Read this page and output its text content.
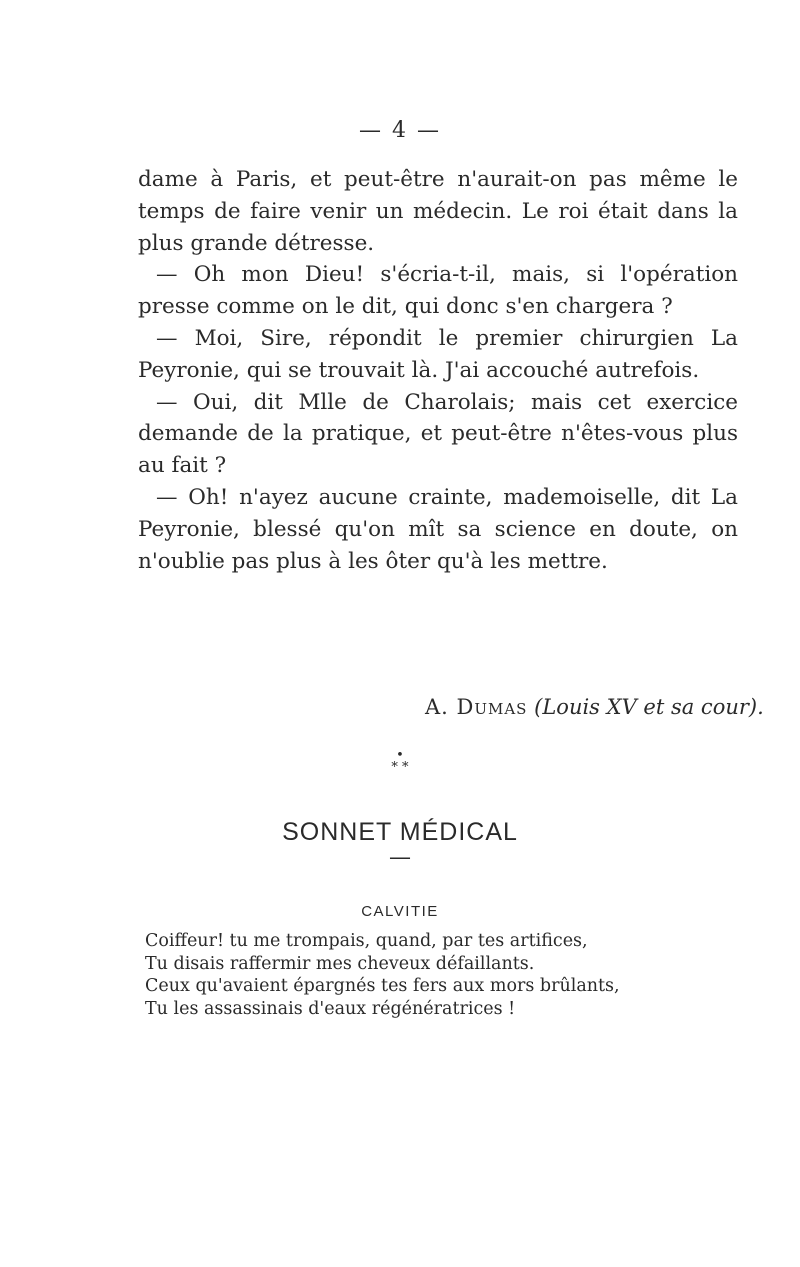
— 4 —

dame à Paris, et peut-être n'aurait-on pas même le temps de faire venir un médecin. Le roi était dans la plus grande détresse.

— Oh mon Dieu! s'écria-t-il, mais, si l'opération presse comme on le dit, qui donc s'en chargera ?

— Moi, Sire, répondit le premier chirurgien La Peyronie, qui se trouvait là. J'ai accouché autrefois.

— Oui, dit Mlle de Charolais; mais cet exercice demande de la pratique, et peut-être n'êtes-vous plus au fait ?

— Oh! n'ayez aucune crainte, mademoiselle, dit La Peyronie, blessé qu'on mît sa science en doute, on n'oublie pas plus à les ôter qu'à les mettre.

A. Dumas (Louis XV et sa cour).
•
* *
SONNET MÉDICAL
—
CALVITIE
Coiffeur! tu me trompais, quand, par tes artifices,
Tu disais raffermir mes cheveux défaillants.
Ceux qu'avaient épargnés tes fers aux mors brûlants,
Tu les assassinais d'eaux régénératrices !
